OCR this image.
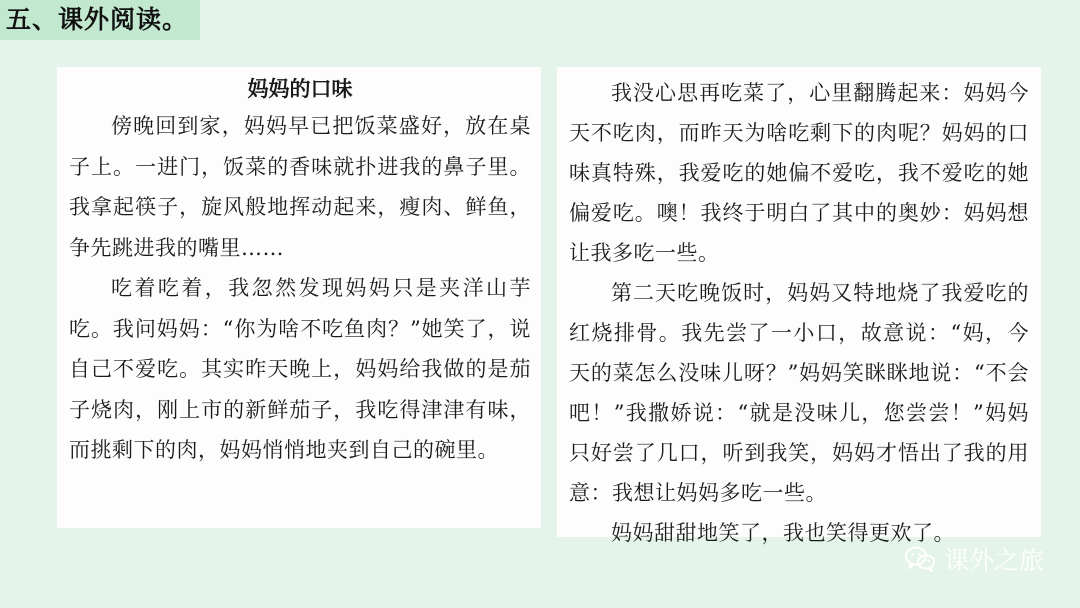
五、课外阅读。

妈妈的口味

傍晚回到家，妈妈早已把饭菜盛好，放在桌子上。一进门，饭菜的香味就扑进我的鼻子里。我拿起筷子，旋风般地挥动起来，瘦肉、鲜鱼，争先跳进我的嘴里……

吃着吃着，我忽然发现妈妈只是夹洋山芋吃。我问妈妈：“你为啥不吃鱼肉？”她笑了，说自己不爱吃。其实昨天晚上，妈妈给我做的是茄子烧肉，刚上市的新鲜茄子，我吃得津津有味，而挑剩下的肉，妈妈悄悄地夹到自己的碗里。

我没心思再吃菜了，心里翻腾起来：妈妈今天不吃肉，而昨天为啥吃剩下的肉呢？妈妈的口味真特殊，我爱吃的她偏不爱吃，我不爱吃的她偏爱吃。噢！我终于明白了其中的奥妙：妈妈想让我多吃一些。

第二天吃晚饭时，妈妈又特地烧了我爱吃的红烧排骨。我先尝了一小口，故意说：“妈，今天的菜怎么没味儿呀？”妈妈笑眯眯地说：“不会吧！”我撒娇说：“就是没味儿，您尝尝！”妈妈只好尝了几口，听到我笑，妈妈才悟出了我的用意：我想让妈妈多吃一些。

妈妈甜甜地笑了，我也笑得更欢了。

课外之旅
